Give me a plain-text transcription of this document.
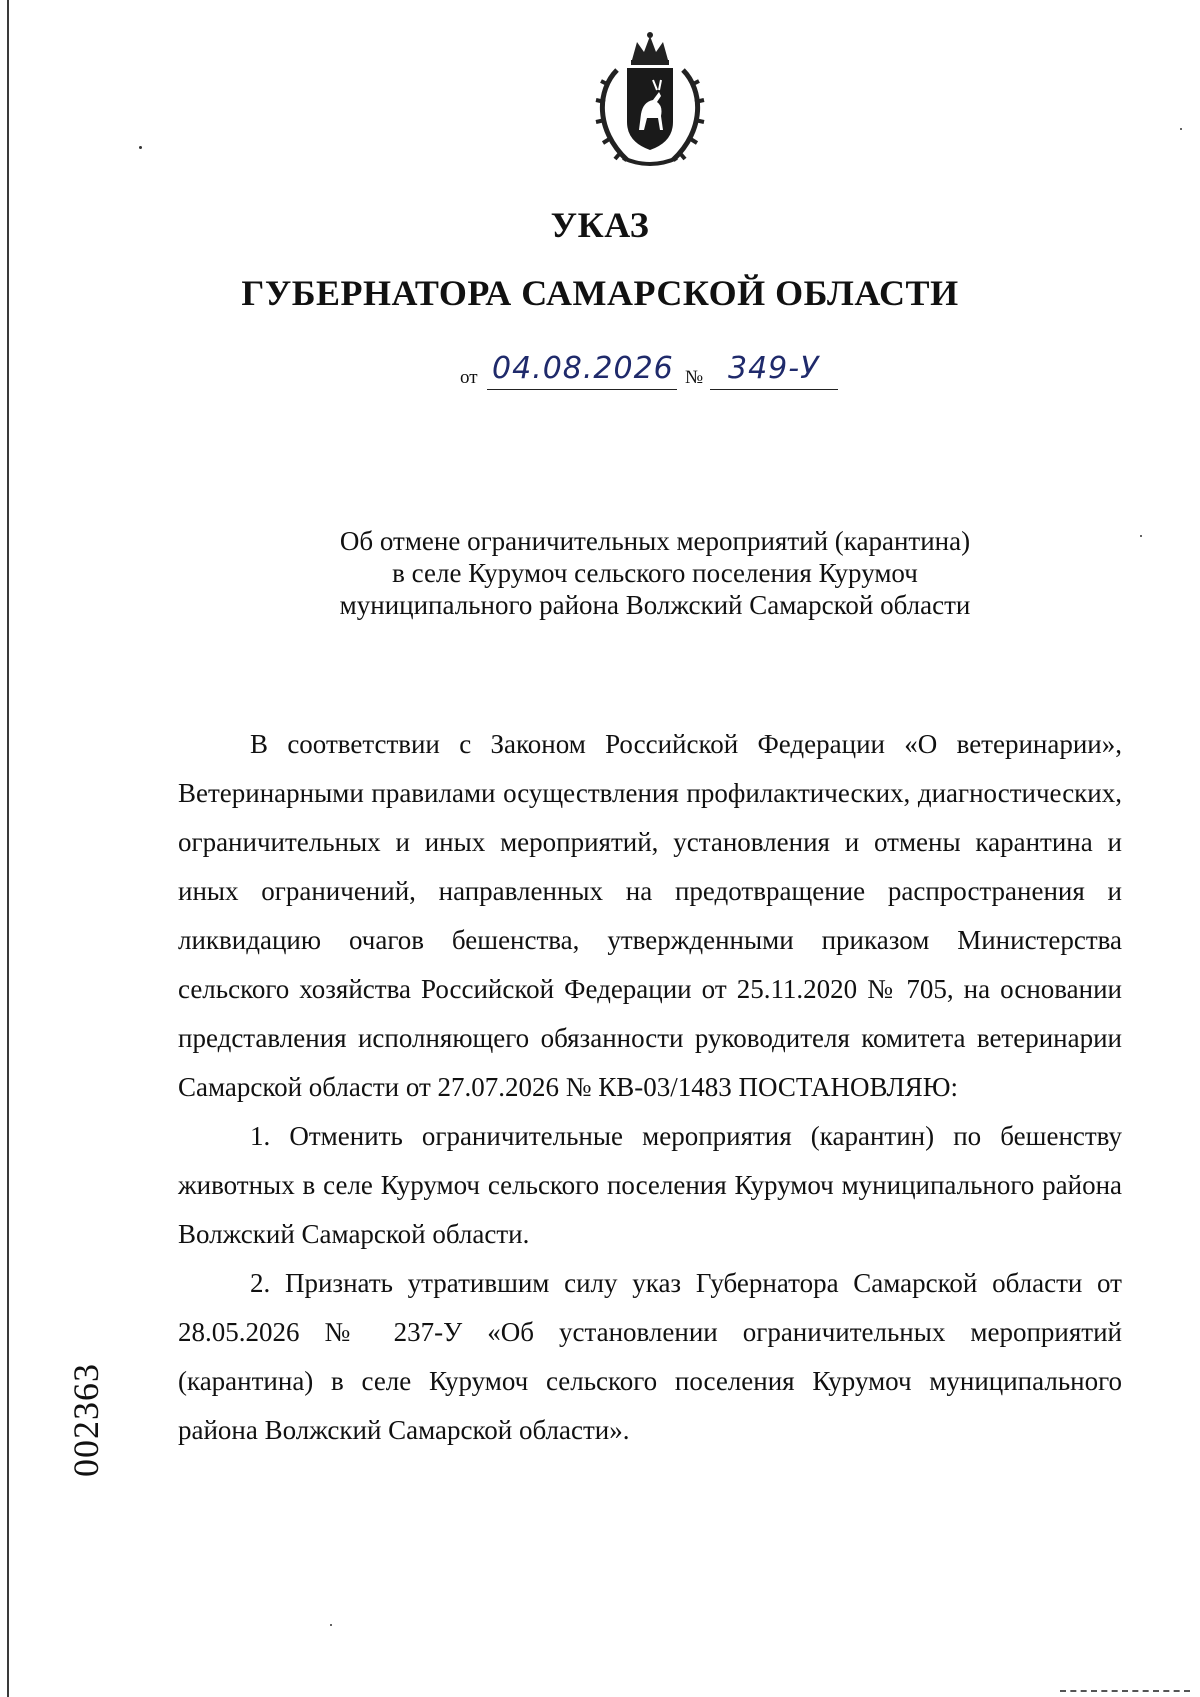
УКАЗ
ГУБЕРНАТОРА САМАРСКОЙ ОБЛАСТИ
от 04.08.2026 № 349-У
Об отмене ограничительных мероприятий (карантина)
в селе Курумоч сельского поселения Курумоч
муниципального района Волжский Самарской области

В соответствии с Законом Российской Федерации «О ветеринарии», Ветеринарными правилами осуществления профилактических, диагностических, ограничительных и иных мероприятий, установления и отмены карантина и иных ограничений, направленных на предотвращение распространения и ликвидацию очагов бешенства, утвержденными приказом Министерства сельского хозяйства Российской Федерации от 25.11.2020 № 705, на основании представления исполняющего обязанности руководителя комитета ветеринарии Самарской области от 27.07.2026 № КВ-03/1483 ПОСТАНОВЛЯЮ:

1. Отменить ограничительные мероприятия (карантин) по бешенству животных в селе Курумоч сельского поселения Курумоч муниципального района Волжский Самарской области.

2. Признать утратившим силу указ Губернатора Самарской области от 28.05.2026 № 237-У «Об установлении ограничительных мероприятий (карантина) в селе Курумоч сельского поселения Курумоч муниципального района Волжский Самарской области».

002363
